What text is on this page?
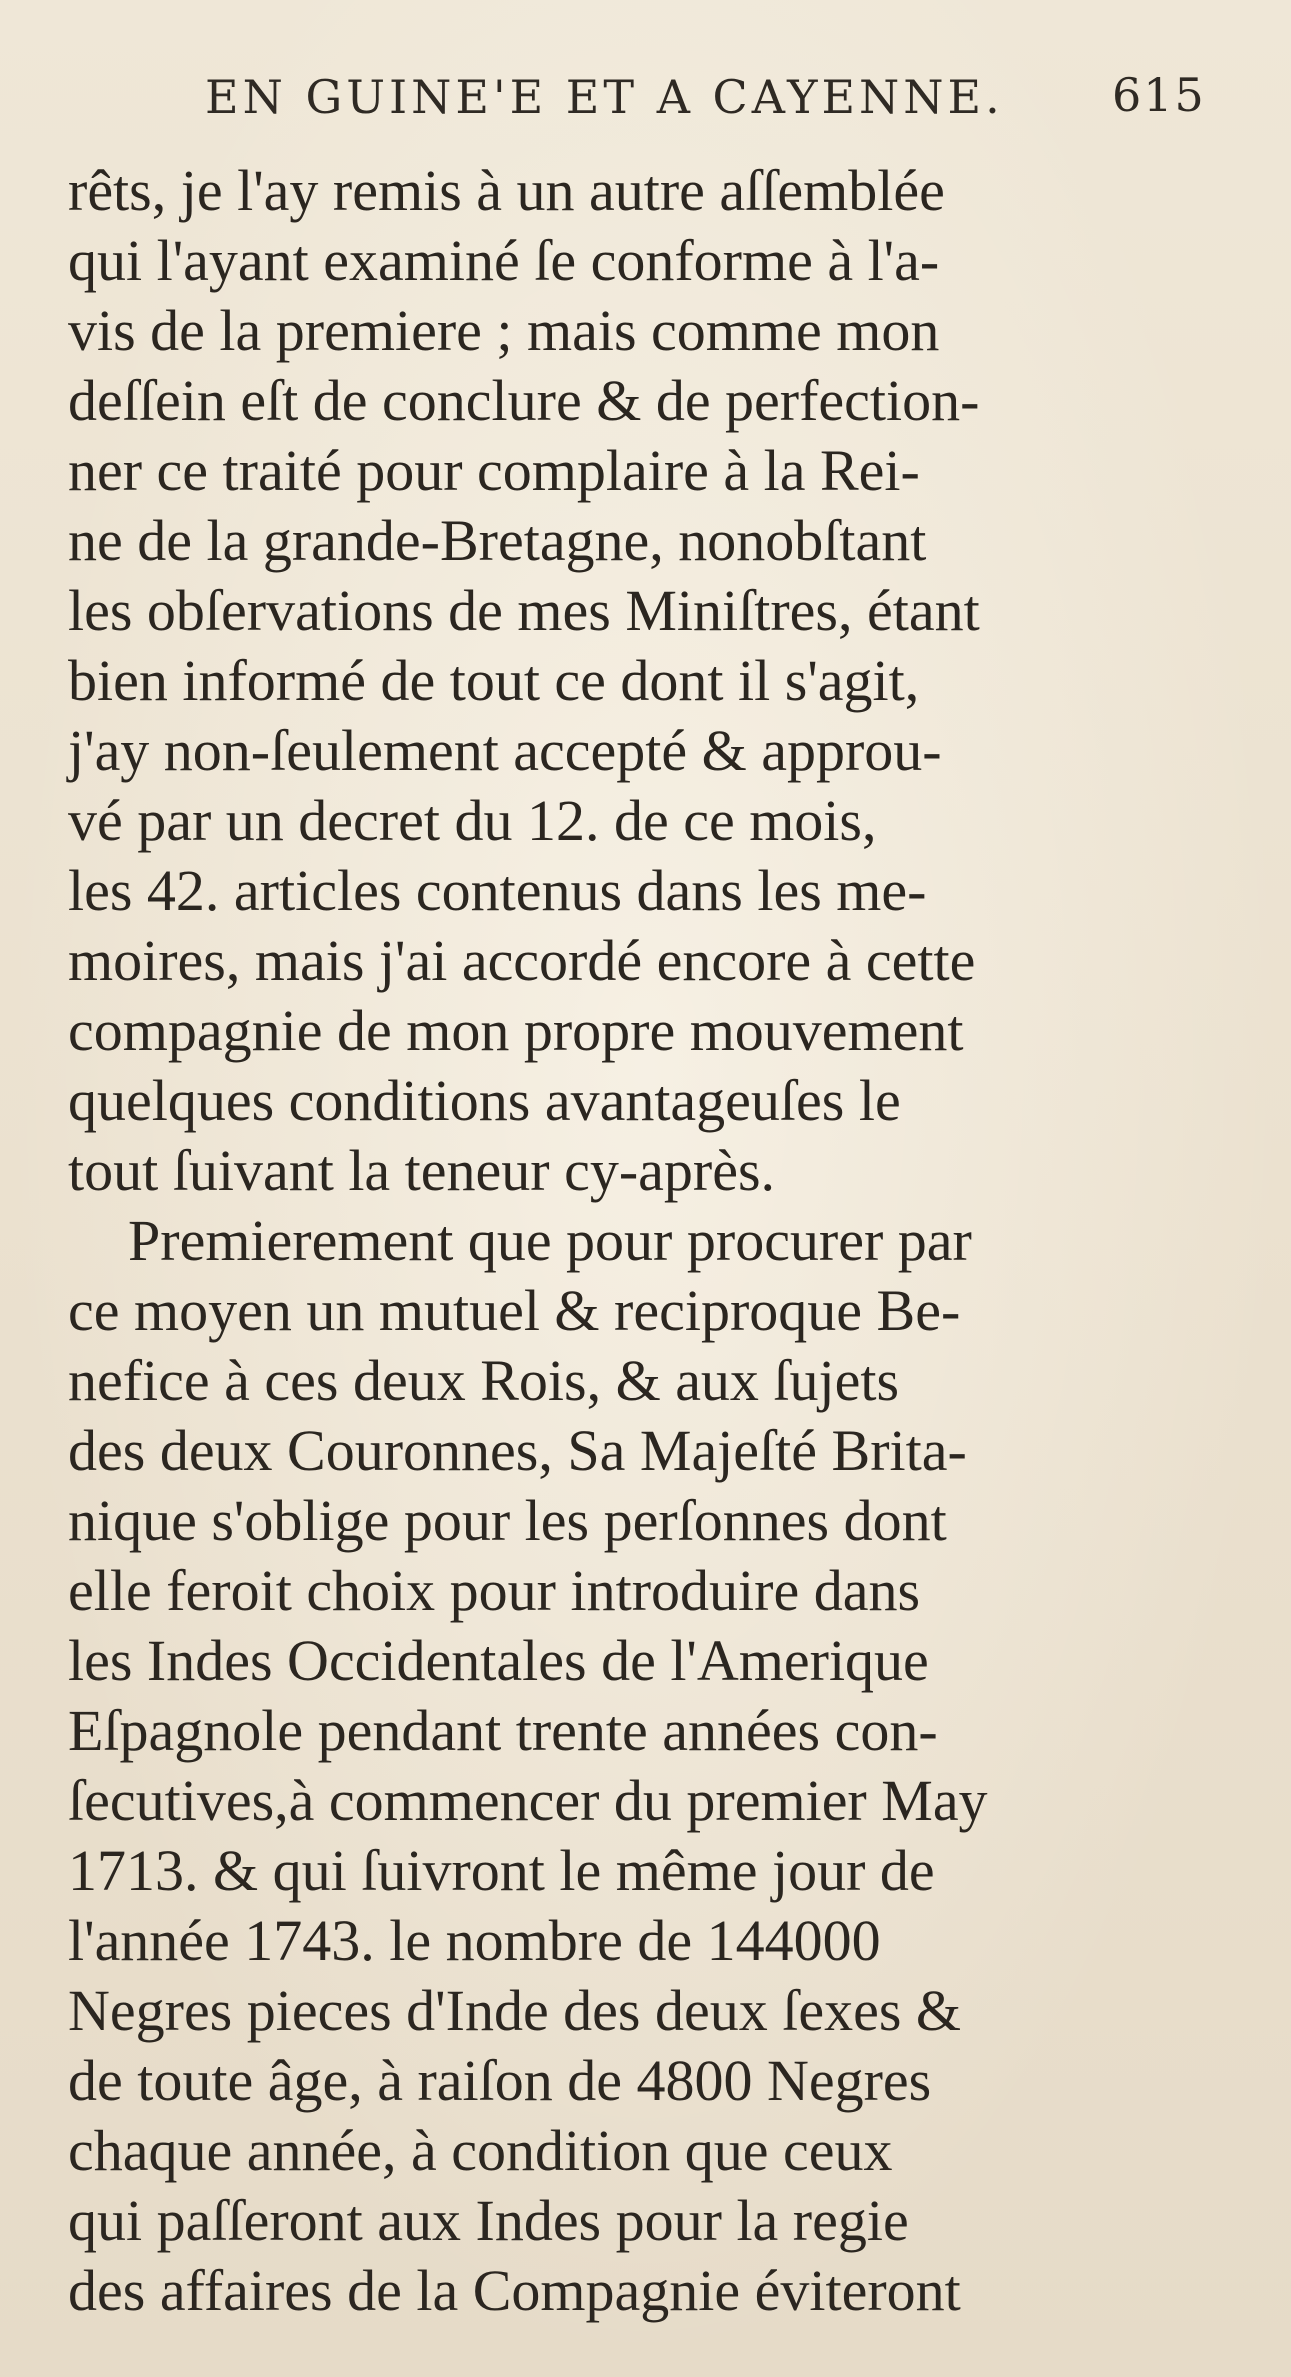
EN GUINE'E ET A CAYENNE. 615
rêts, je l'ay remis à un autre aſſemblée
qui l'ayant examiné ſe conforme à l'a-
vis de la premiere ; mais comme mon
deſſein eſt de conclure & de perfection-
ner ce traité pour complaire à la Rei-
ne de la grande-Bretagne, nonobſtant
les obſervations de mes Miniſtres, étant
bien informé de tout ce dont il s'agit,
j'ay non-ſeulement accepté & approu-
vé par un decret du 12. de ce mois,
les 42. articles contenus dans les me-
moires, mais j'ai accordé encore à cette
compagnie de mon propre mouvement
quelques conditions avantageuſes le
tout ſuivant la teneur cy-après.
Premierement que pour procurer par
ce moyen un mutuel & reciproque Be-
nefice à ces deux Rois, & aux ſujets
des deux Couronnes, Sa Majeſté Brita-
nique s'oblige pour les perſonnes dont
elle feroit choix pour introduire dans
les Indes Occidentales de l'Amerique
Eſpagnole pendant trente années con-
ſecutives,à commencer du premier May
1713. & qui ſuivront le même jour de
l'année 1743. le nombre de 144000
Negres pieces d'Inde des deux ſexes &
de toute âge, à raiſon de 4800 Negres
chaque année, à condition que ceux
qui paſſeront aux Indes pour la regie
des affaires de la Compagnie éviteront
